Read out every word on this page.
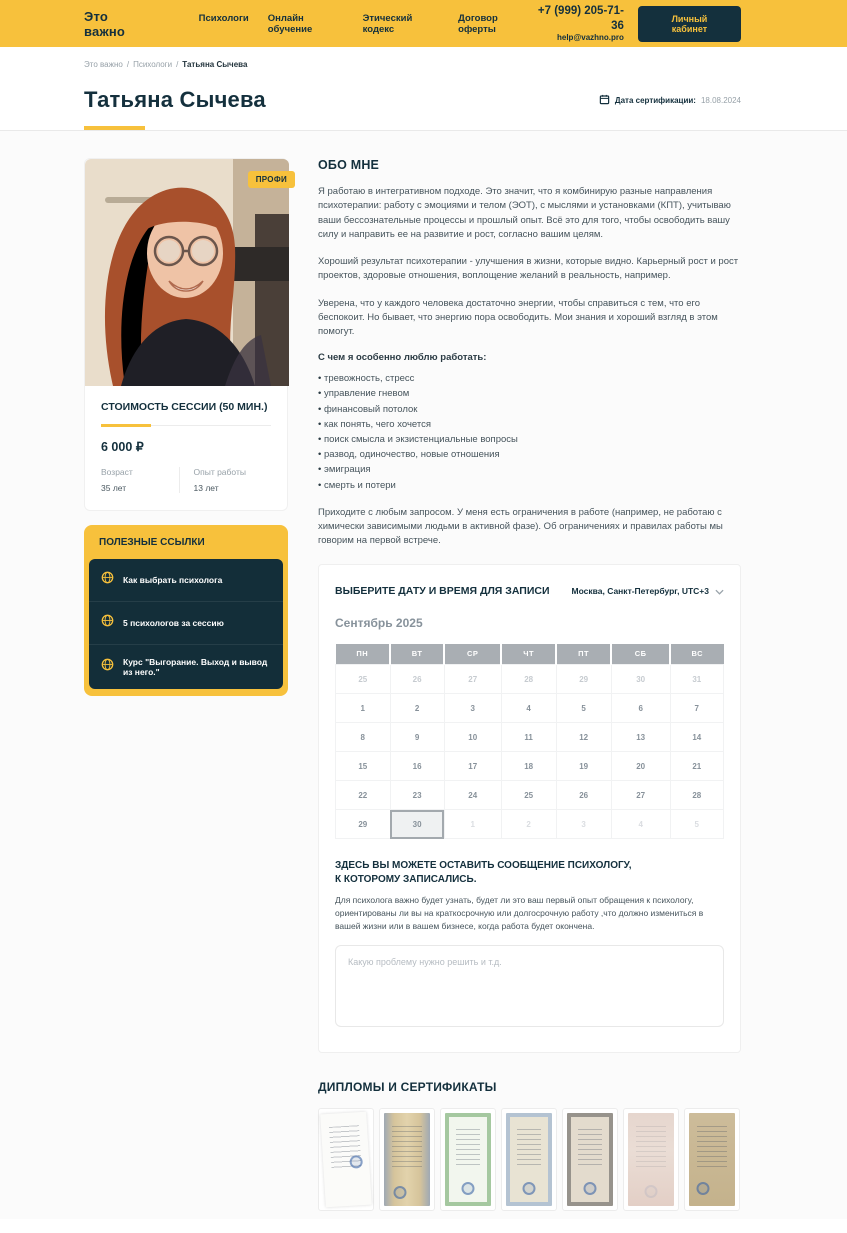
Это важно
Психологи Онлайн обучение
Этический кодекс
Договор оферты
+7 (999) 205-71-36
help@vazhno.pro
Личный кабинет
Это важно / Психологи / Татьяна Сычева
Татьяна Сычева	Дата сертификации: 18.08.2024
ПРОФИ
СТОИМОСТЬ СЕССИИ (50 МИН.)
6 000 ₽
Возраст
35 лет
Опыт работы
13 лет
ПОЛЕЗНЫЕ ССЫЛКИ
Как выбрать психолога
5 психологов за сессию
Курс "Выгорание. Выход и вывод из него."
ОБО МНЕ

Я работаю в интегративном подходе. Это значит, что я комбинирую разные направления психотерапии: работу с эмоциями и телом (ЭОТ), с мыслями и установками (КПТ), учитываю ваши бессознательные процессы и прошлый опыт. Всё это для того, чтобы освободить вашу силу и направить ее на развитие и рост, согласно вашим целям.

Хороший результат психотерапии - улучшения в жизни, которые видно. Карьерный рост и рост проектов, здоровые отношения, воплощение желаний в реальность, например.

Уверена, что у каждого человека достаточно энергии, чтобы справиться с тем, что его беспокоит. Но бывает, что энергию пора освободить. Мои знания и хороший взгляд в этом помогут.

С чем я особенно люблю работать:
• тревожность, стресс
• управление гневом
• финансовый потолок
• как понять, чего хочется
• поиск смысла и экзистенциальные вопросы
• развод, одиночество, новые отношения
• эмиграция
• смерть и потери

Приходите с любым запросом. У меня есть ограничения в работе (например, не работаю с химически зависимыми людьми в активной фазе). Об ограничениях и правилах работы мы говорим на первой встрече.

ВЫБЕРИТЕ ДАТУ И ВРЕМЯ ДЛЯ ЗАПИСИ	Москва, Санкт-Петербург, UTC+3
Сентябрь 2025
ПН	ВТ	СР	ЧТ	ПТ	СБ	ВС
25	26	27	28	29	30	31
1	2	3	4	5	6	7
8	9	10	11	12	13	14
15	16	17	18	19	20	21
22	23	24	25	26	27	28
29	30	1	2	3	4	5
ЗДЕСЬ ВЫ МОЖЕТЕ ОСТАВИТЬ СООБЩЕНИЕ ПСИХОЛОГУ,
К КОТОРОМУ ЗАПИСАЛИСЬ.
Для психолога важно будет узнать, будет ли это ваш первый опыт обращения к психологу, ориентированы ли вы на краткосрочную или долгосрочную работу ,что должно измениться в вашей жизни или в вашем бизнесе, когда работа будет окончена.
Какую проблему нужно решить и т.д.
ДИПЛОМЫ И СЕРТИФИКАТЫ
